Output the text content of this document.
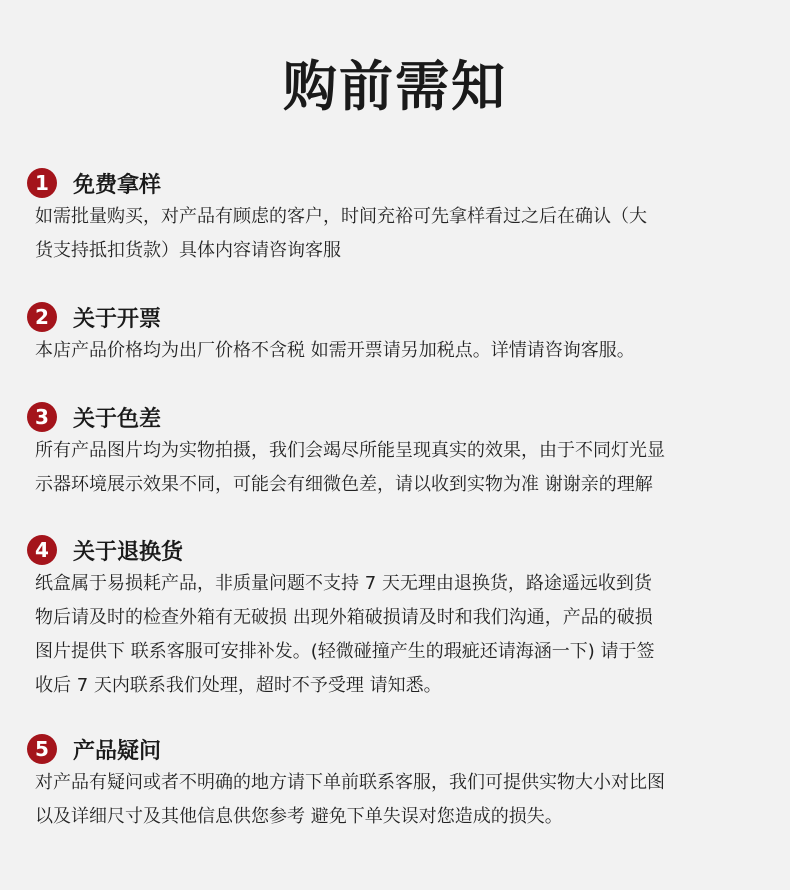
购前需知
1	免费拿样
如需批量购买，对产品有顾虑的客户，时间充裕可先拿样看过之后在确认（大
货支持抵扣货款）具体内容请咨询客服
2	关于开票
本店产品价格均为出厂价格不含税 如需开票请另加税点。详情请咨询客服。
3	关于色差
所有产品图片均为实物拍摄，我们会竭尽所能呈现真实的效果，由于不同灯光显
示器环境展示效果不同，可能会有细微色差，请以收到实物为准 谢谢亲的理解
4	关于退换货
纸盒属于易损耗产品，非质量问题不支持 7 天无理由退换货，路途遥远收到货
物后请及时的检查外箱有无破损 出现外箱破损请及时和我们沟通，产品的破损
图片提供下 联系客服可安排补发。(轻微碰撞产生的瑕疵还请海涵一下) 请于签
收后 7 天内联系我们处理，超时不予受理 请知悉。
5	产品疑问
对产品有疑问或者不明确的地方请下单前联系客服，我们可提供实物大小对比图
以及详细尺寸及其他信息供您参考 避免下单失误对您造成的损失。
